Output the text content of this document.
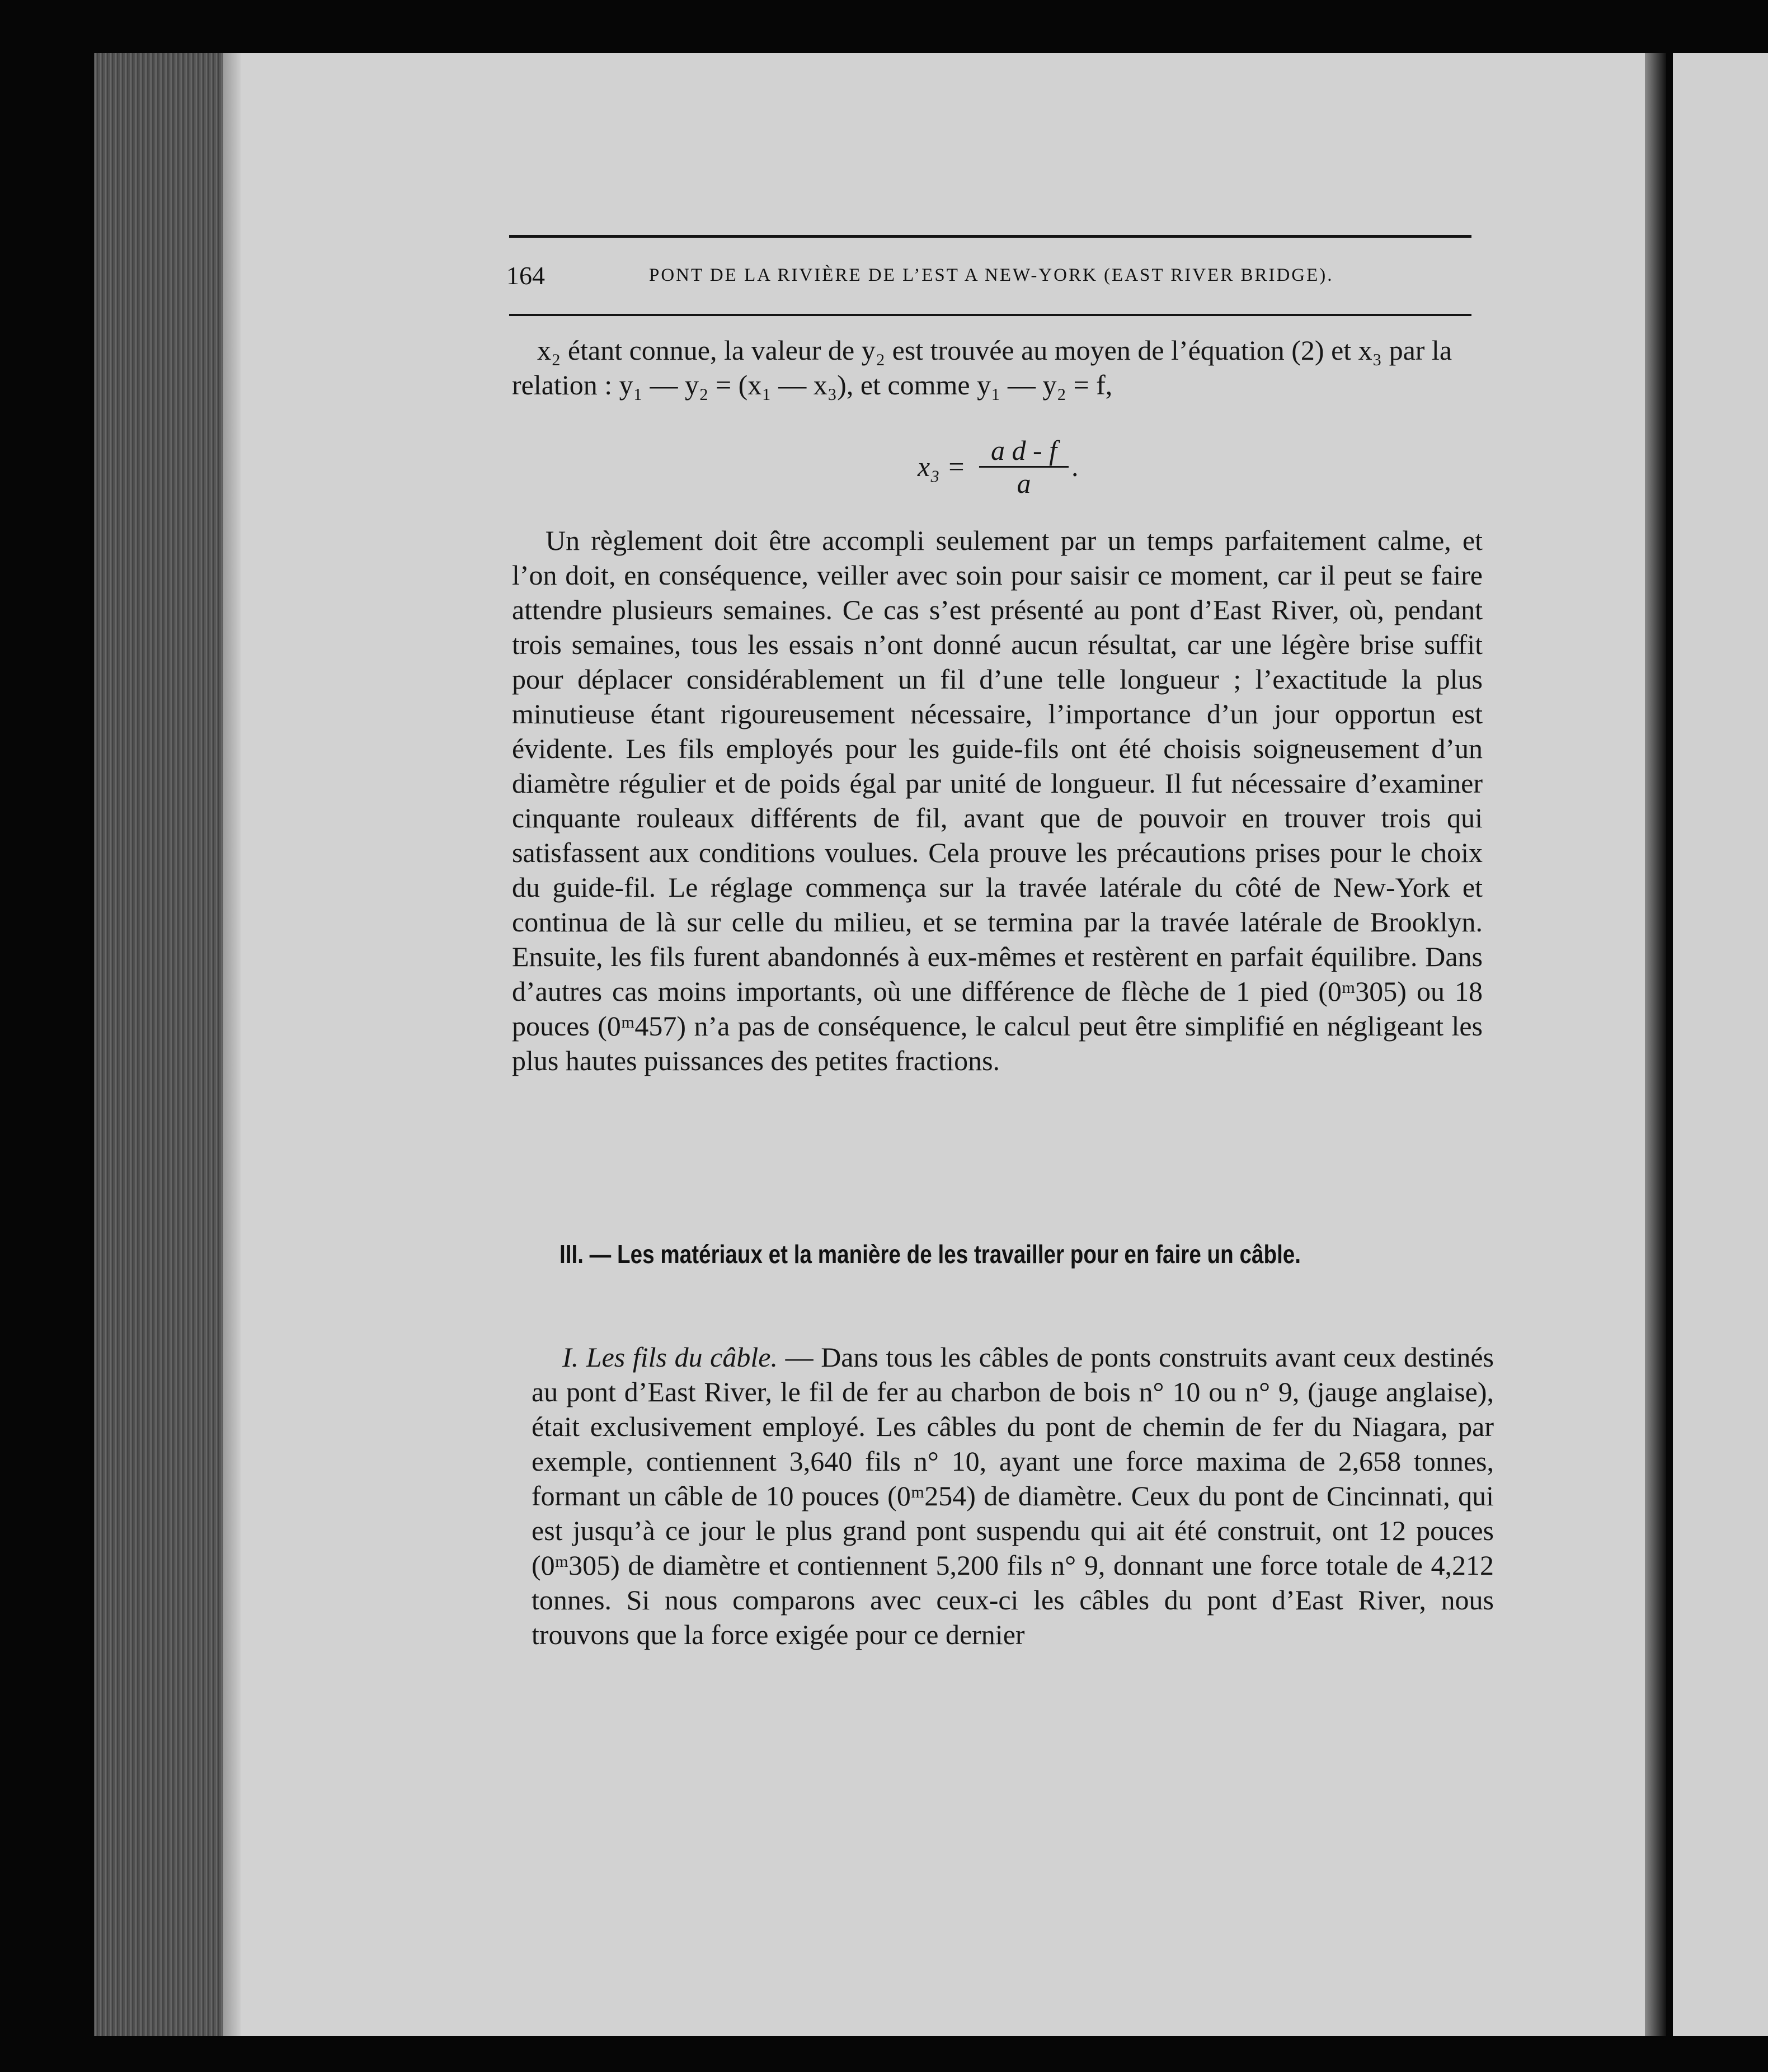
164	PONT DE LA RIVIÈRE DE L’EST A NEW-YORK (EAST RIVER BRIDGE).
x₂ étant connue, la valeur de y₂ est trouvée au moyen de l’équation (2) et x₃ par la
relation : y₁ — y₂ = (x₁ — x₃), et comme y₁ — y₂ = f,
x₃ =
a d - f
a
.
Un règlement doit être accompli seulement par un temps parfaitement calme, et l’on doit, en conséquence, veiller avec soin pour saisir ce moment, car il peut se faire attendre plusieurs semaines. Ce cas s’est présenté au pont d’East River, où, pendant trois semaines, tous les essais n’ont donné aucun résultat, car une légère brise suffit pour déplacer considérablement un fil d’une telle longueur ; l’exactitude la plus minutieuse étant rigoureusement nécessaire, l’importance d’un jour opportun est évidente. Les fils employés pour les guide-fils ont été choisis soigneusement d’un diamètre régulier et de poids égal par unité de longueur. Il fut nécessaire d’examiner cinquante rouleaux différents de fil, avant que de pouvoir en trouver trois qui satisfassent aux conditions voulues. Cela prouve les précautions prises pour le choix du guide-fil. Le réglage commença sur la travée latérale du côté de New-York et continua de là sur celle du milieu, et se termina par la travée latérale de Brooklyn. Ensuite, les fils furent abandonnés à eux-mêmes et restèrent en parfait équilibre. Dans d’autres cas moins importants, où une différence de flèche de 1 pied (0ᵐ305) ou 18 pouces (0ᵐ457) n’a pas de conséquence, le calcul peut être simplifié en négligeant les plus hautes puissances des petites fractions.
III. — Les matériaux et la manière de les travailler pour en faire un câble.
I. Les fils du câble. — Dans tous les câbles de ponts construits avant ceux destinés au pont d’East River, le fil de fer au charbon de bois n° 10 ou n° 9, (jauge anglaise), était exclusivement employé. Les câbles du pont de chemin de fer du Niagara, par exemple, contiennent 3,640 fils n° 10, ayant une force maxima de 2,658 tonnes, formant un câble de 10 pouces (0ᵐ254) de diamètre. Ceux du pont de Cincinnati, qui est jusqu’à ce jour le plus grand pont suspendu qui ait été construit, ont 12 pouces (0ᵐ305) de diamètre et contiennent 5,200 fils n° 9, donnant une force totale de 4,212 tonnes. Si nous comparons avec ceux-ci les câbles du pont d’East River, nous trouvons que la force exigée pour ce dernier
